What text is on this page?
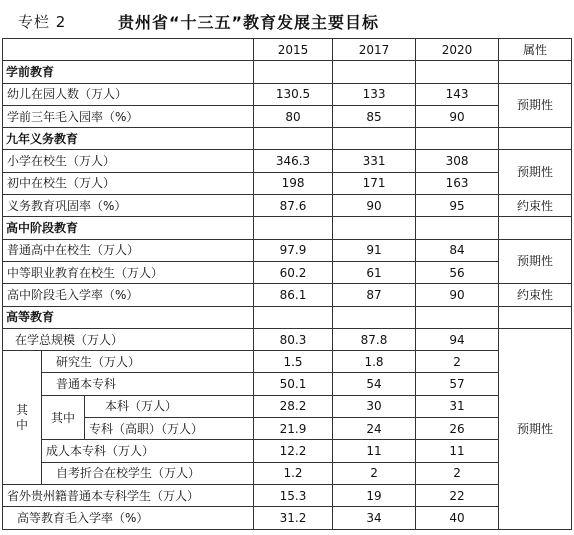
专栏 2	贵州省“十三五”教育发展主要目标
			2015	2017	2020	属性
学前教育						
幼儿在园人数（万人）			130.5	133	143	预期性
学前三年毛入园率（%）			80	85	90	
九年义务教育						
小学在校生（万人）			346.3	331	308	预期性
初中在校生（万人）			198	171	163	
义务教育巩固率（%）			87.6	90	95	约束性
高中阶段教育						
普通高中在校生（万人）			97.9	91	84	预期性
中等职业教育在校生（万人）			60.2	61	56	
高中阶段毛入学率（%）			86.1	87	90	约束性
高等教育						
在学总规模（万人）			80.3	87.8	94	预期性

其
中	研究生（万人）		1.5	1.8	2	
	普通本专科		50.1	54	57	
	其中	本科（万人）	28.2	30	31	
		专科（高职）（万人）	21.9	24	26	
	成人本专科（万人）		12.2	11	11	
	自考折合在校学生（万人）		1.2	2	2	
省外贵州籍普通本专科学生（万人）			15.3	19	22	
高等教育毛入学率（%）			31.2	34	40	
